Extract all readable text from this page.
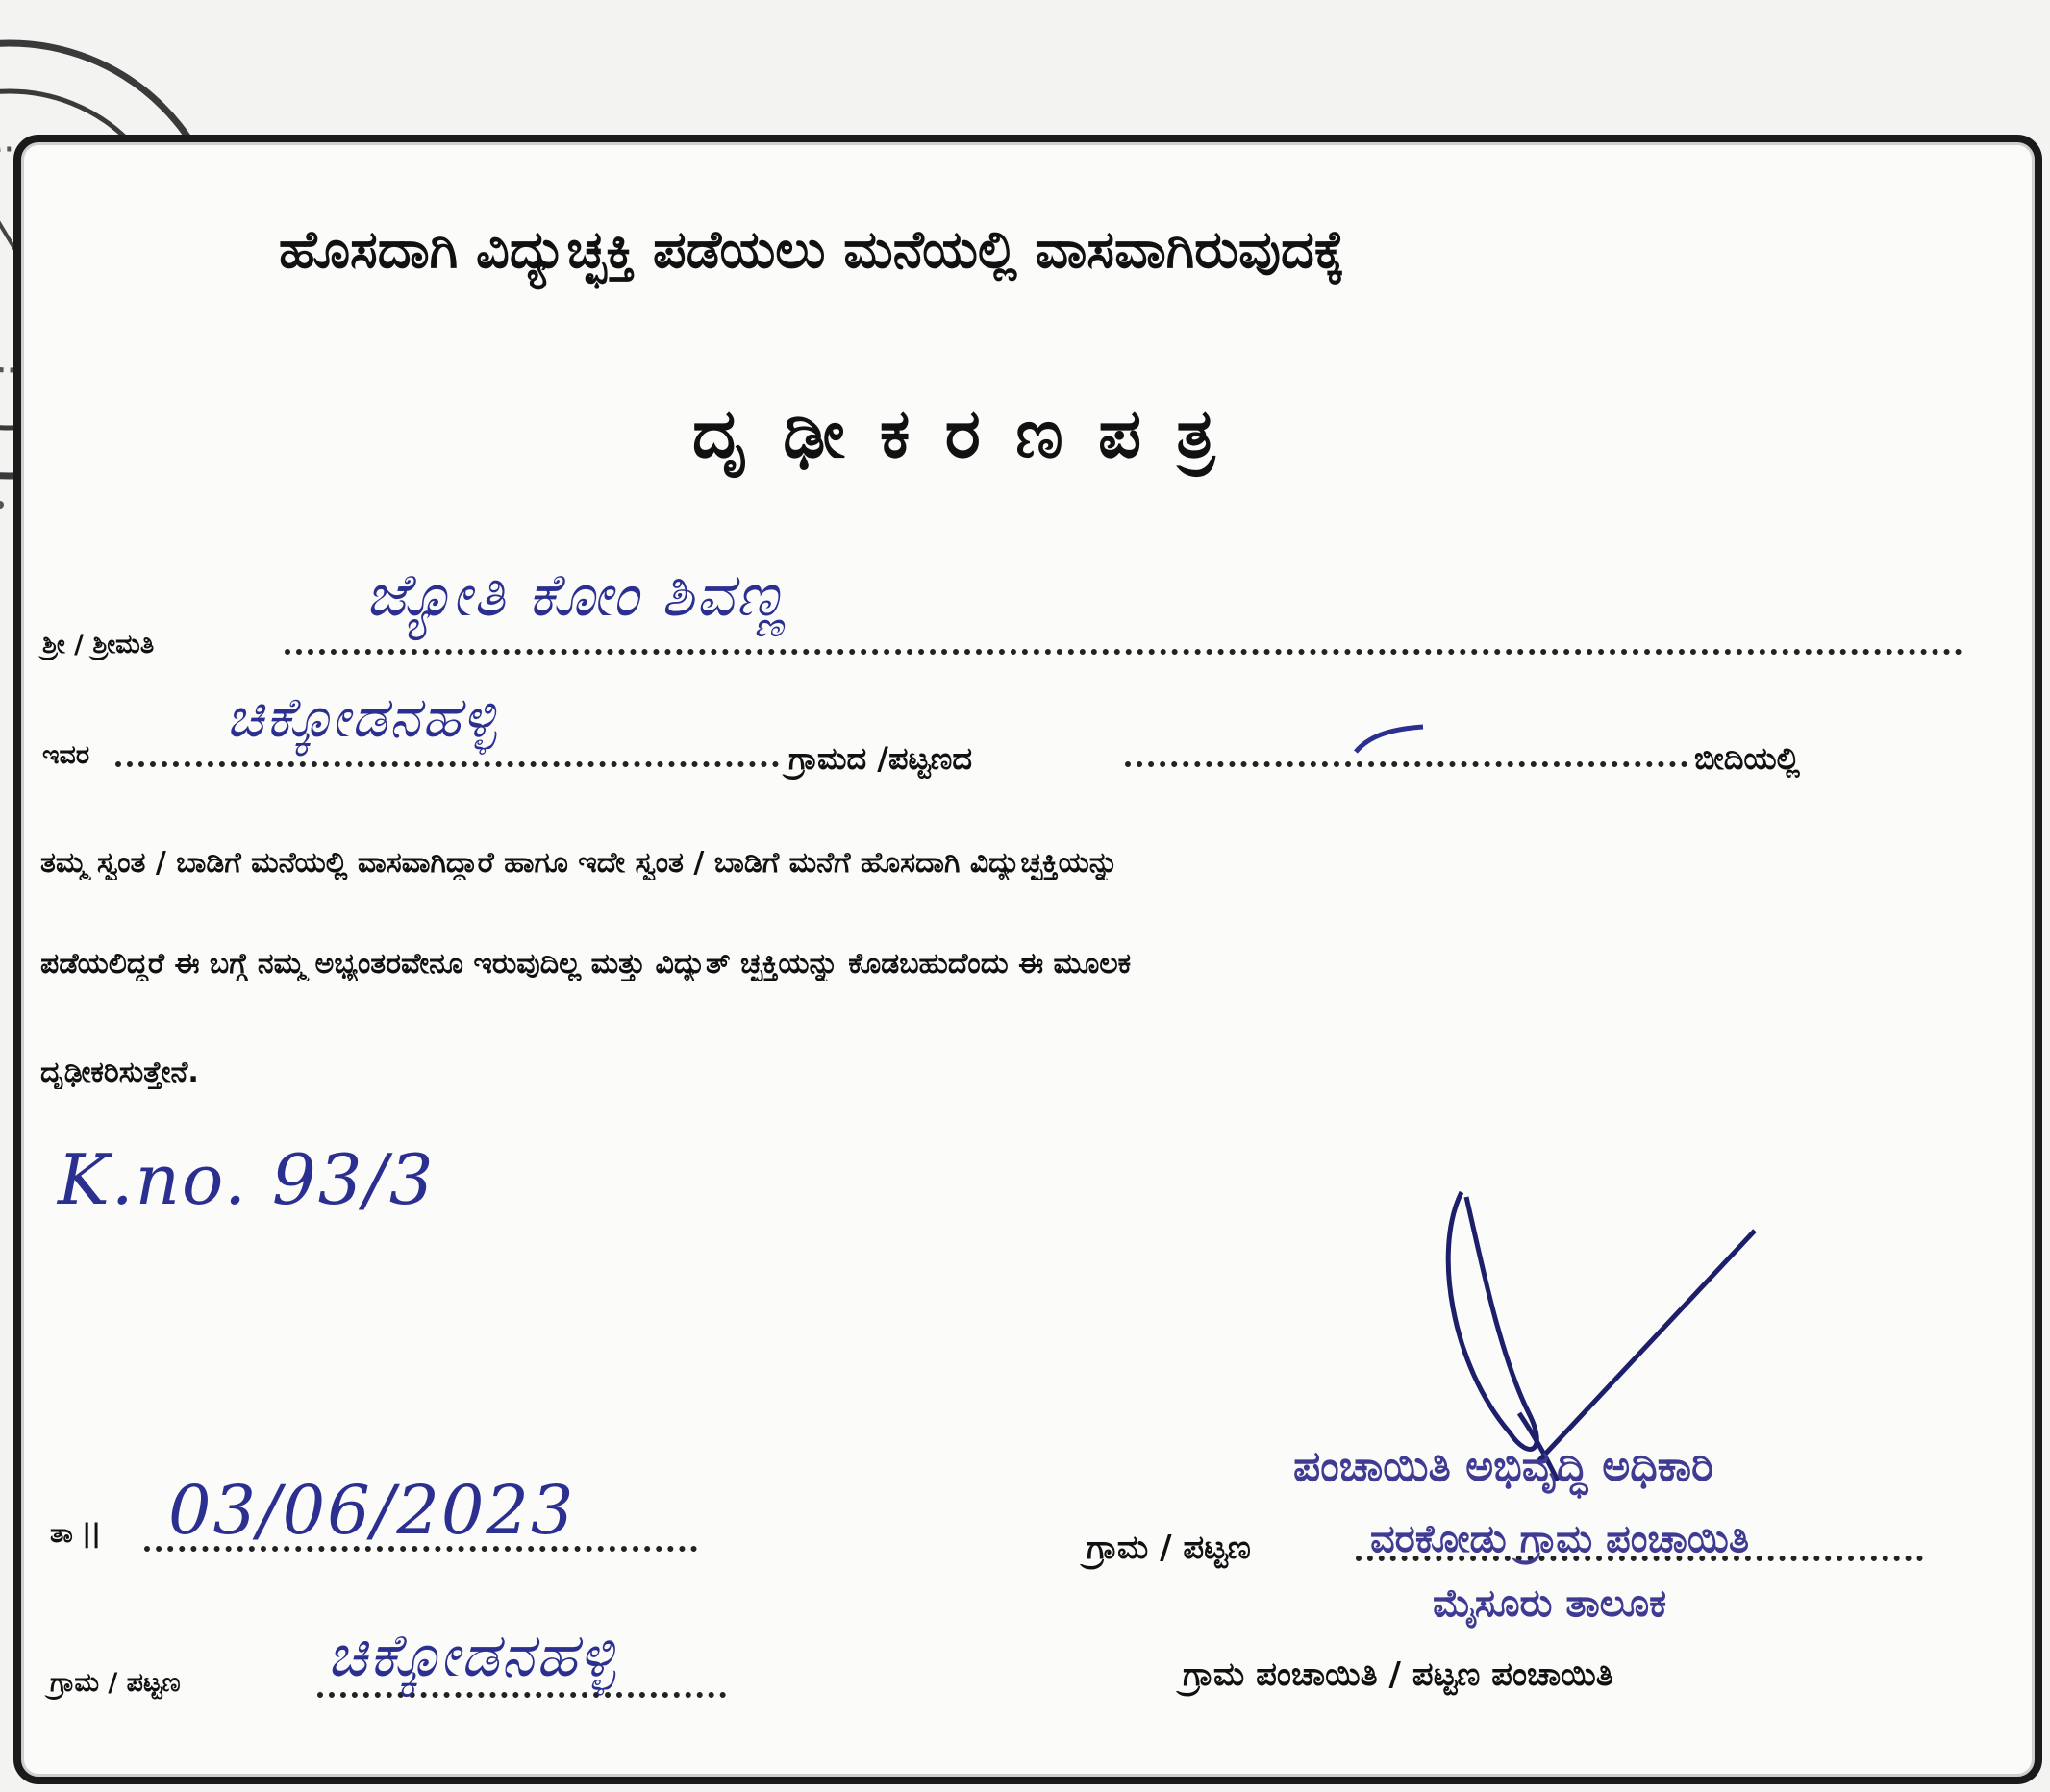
ಹೊಸದಾಗಿ ವಿದ್ಯುಚ್ಛಕ್ತಿ ಪಡೆಯಲು ಮನೆಯಲ್ಲಿ ವಾಸವಾಗಿರುವುದಕ್ಕೆ
ದೃ ಢೀ ಕ ರ ಣ ಪ ತ್ರ
ಶ್ರೀ / ಶ್ರೀಮತಿ
ಜ್ಯೋತಿ ಕೋಂ ಶಿವಣ್ಣ
ಇವರ
ಚಿಕ್ಕೋಡನಹಳ್ಳಿ
ಗ್ರಾಮದ /ಪಟ್ಟಣದ	ಬೀದಿಯಲ್ಲಿ
ತಮ್ಮ ಸ್ವಂತ / ಬಾಡಿಗೆ ಮನೆಯಲ್ಲಿ ವಾಸವಾಗಿದ್ದಾರೆ ಹಾಗೂ ಇದೇ ಸ್ವಂತ / ಬಾಡಿಗೆ ಮನೆಗೆ ಹೊಸದಾಗಿ ವಿದ್ಯುಚ್ಛಕ್ತಿಯನ್ನು
ಪಡೆಯಲಿದ್ದರೆ ಈ ಬಗ್ಗೆ ನಮ್ಮ ಅಭ್ಯಂತರವೇನೂ ಇರುವುದಿಲ್ಲ ಮತ್ತು ವಿದ್ಯುತ್ ಚ್ಛಕ್ತಿಯನ್ನು ಕೊಡಬಹುದೆಂದು ಈ ಮೂಲಕ
ದೃಢೀಕರಿಸುತ್ತೇನೆ.
K.no. 93/3
ತಾ || 03/06/2023
ಗ್ರಾಮ / ಪಟ್ಟಣ ಚಿಕ್ಕೋಡನಹಳ್ಳಿ
ಪಂಚಾಯಿತಿ ಅಭಿವೃದ್ಧಿ ಅಧಿಕಾರಿ
ಗ್ರಾಮ / ಪಟ್ಟಣ	ವರಕೋಡು ಗ್ರಾಮ ಪಂಚಾಯಿತಿ
ಮೈಸೂರು ತಾಲೂಕ
ಗ್ರಾಮ ಪಂಚಾಯಿತಿ / ಪಟ್ಟಣ ಪಂಚಾಯಿತಿ
